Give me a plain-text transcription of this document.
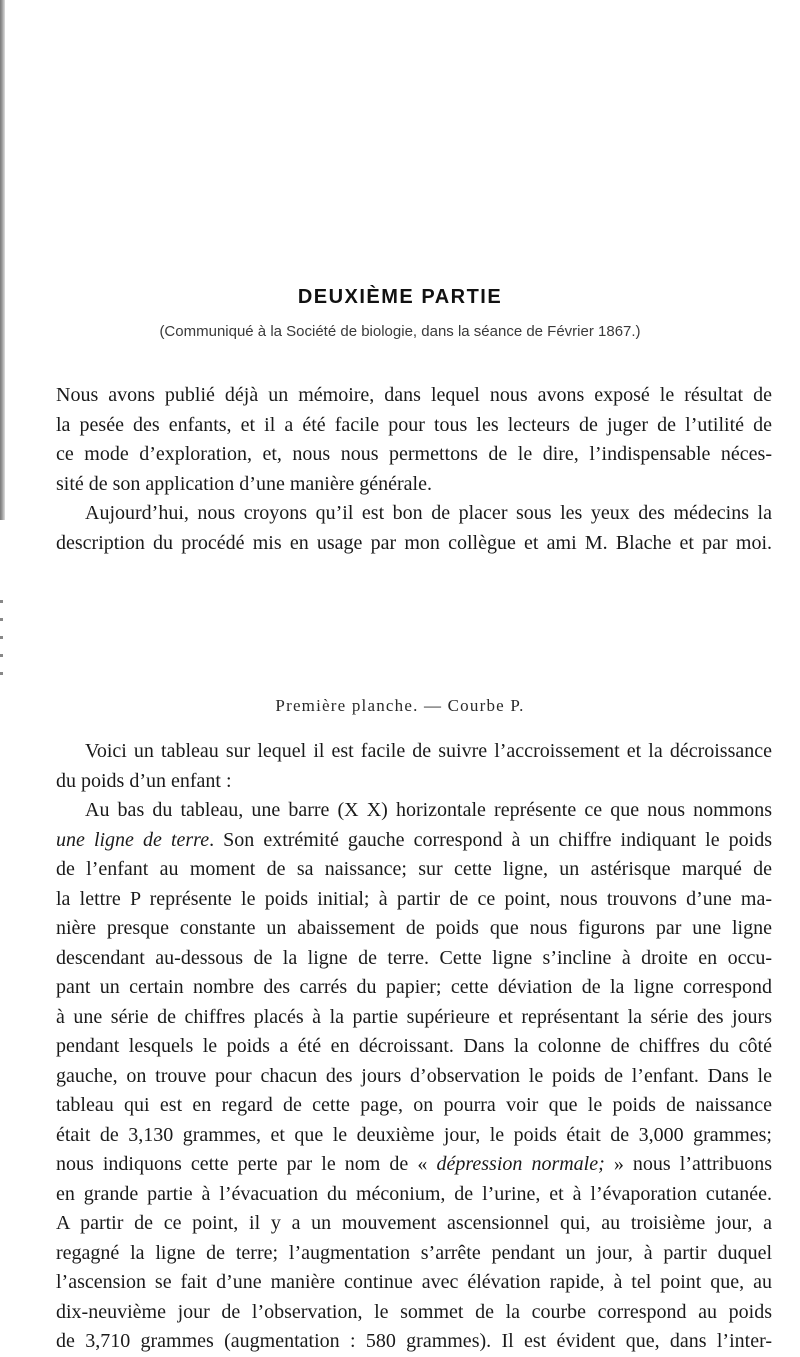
DEUXIÈME PARTIE
(Communiqué à la Société de biologie, dans la séance de Février 1867.)
Nous avons publié déjà un mémoire, dans lequel nous avons exposé le résultat de
la pesée des enfants, et il a été facile pour tous les lecteurs de juger de l’utilité de
ce mode d’exploration, et, nous nous permettons de le dire, l’indispensable néces-
sité de son application d’une manière générale.
Aujourd’hui, nous croyons qu’il est bon de placer sous les yeux des médecins la
description du procédé mis en usage par mon collègue et ami M. Blache et par moi.
Première planche. — Courbe P.
Voici un tableau sur lequel il est facile de suivre l’accroissement et la décroissance
du poids d’un enfant :
Au bas du tableau, une barre (X X) horizontale représente ce que nous nommons
une ligne de terre. Son extrémité gauche correspond à un chiffre indiquant le poids
de l’enfant au moment de sa naissance; sur cette ligne, un astérisque marqué de
la lettre P représente le poids initial; à partir de ce point, nous trouvons d’une ma-
nière presque constante un abaissement de poids que nous figurons par une ligne
descendant au-dessous de la ligne de terre. Cette ligne s’incline à droite en occu-
pant un certain nombre des carrés du papier; cette déviation de la ligne correspond
à une série de chiffres placés à la partie supérieure et représentant la série des jours
pendant lesquels le poids a été en décroissant. Dans la colonne de chiffres du côté
gauche, on trouve pour chacun des jours d’observation le poids de l’enfant. Dans le
tableau qui est en regard de cette page, on pourra voir que le poids de naissance
était de 3,130 grammes, et que le deuxième jour, le poids était de 3,000 grammes;
nous indiquons cette perte par le nom de « dépression normale; » nous l’attribuons
en grande partie à l’évacuation du méconium, de l’urine, et à l’évaporation cutanée.
A partir de ce point, il y a un mouvement ascensionnel qui, au troisième jour, a
regagné la ligne de terre; l’augmentation s’arrête pendant un jour, à partir duquel
l’ascension se fait d’une manière continue avec élévation rapide, à tel point que, au
dix-neuvième jour de l’observation, le sommet de la courbe correspond au poids
de 3,710 grammes (augmentation : 580 grammes). Il est évident que, dans l’inter-
